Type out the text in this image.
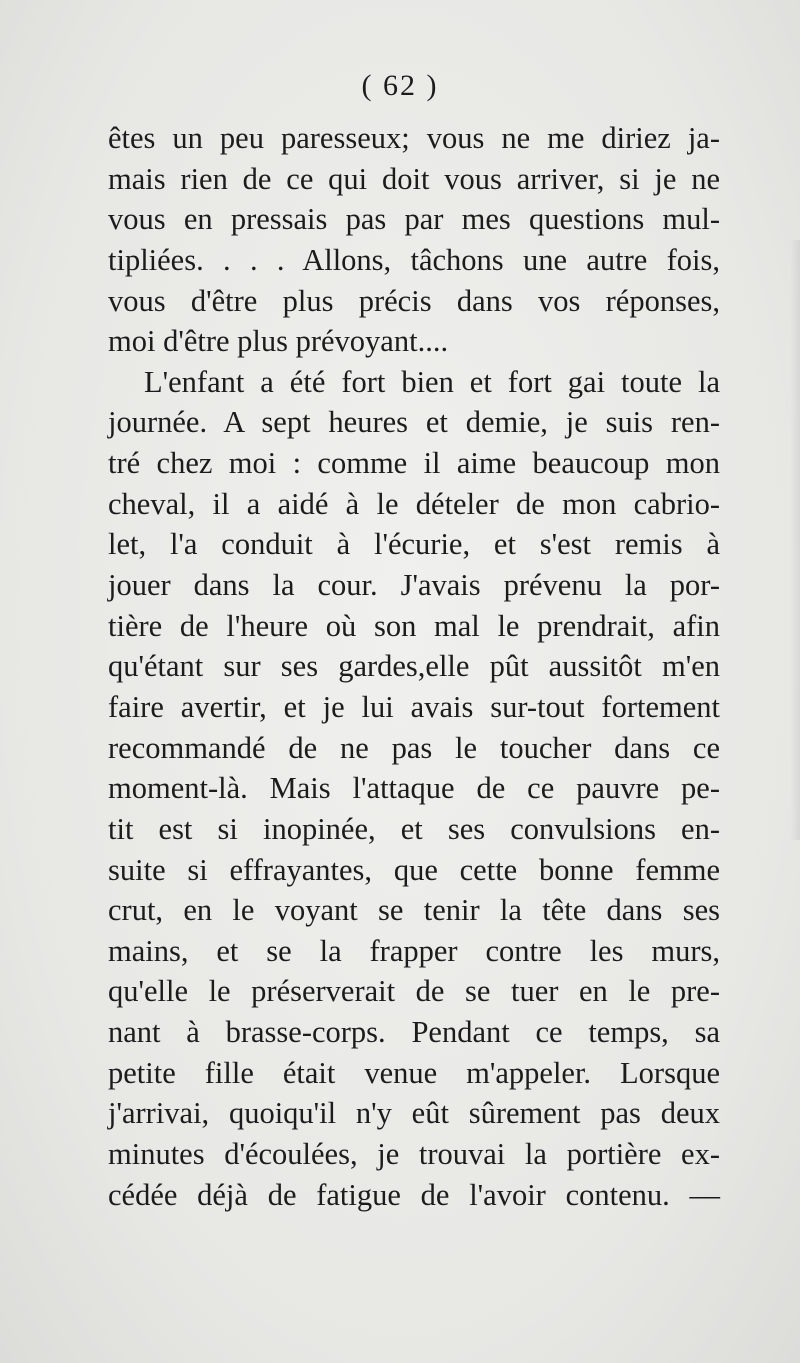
( 62 )
êtes un peu paresseux; vous ne me diriez ja-
mais rien de ce qui doit vous arriver, si je ne
vous en pressais pas par mes questions mul-
tipliées. . . . Allons, tâchons une autre fois,
vous d'être plus précis dans vos réponses,
moi d'être plus prévoyant....
L'enfant a été fort bien et fort gai toute la
journée. A sept heures et demie, je suis ren-
tré chez moi : comme il aime beaucoup mon
cheval, il a aidé à le dételer de mon cabrio-
let, l'a conduit à l'écurie, et s'est remis à
jouer dans la cour. J'avais prévenu la por-
tière de l'heure où son mal le prendrait, afin
qu'étant sur ses gardes,elle pût aussitôt m'en
faire avertir, et je lui avais sur-tout fortement
recommandé de ne pas le toucher dans ce
moment-là. Mais l'attaque de ce pauvre pe-
tit est si inopinée, et ses convulsions en-
suite si effrayantes, que cette bonne femme
crut, en le voyant se tenir la tête dans ses
mains, et se la frapper contre les murs,
qu'elle le préserverait de se tuer en le pre-
nant à brasse-corps. Pendant ce temps, sa
petite fille était venue m'appeler. Lorsque
j'arrivai, quoiqu'il n'y eût sûrement pas deux
minutes d'écoulées, je trouvai la portière ex-
cédée déjà de fatigue de l'avoir contenu. —
